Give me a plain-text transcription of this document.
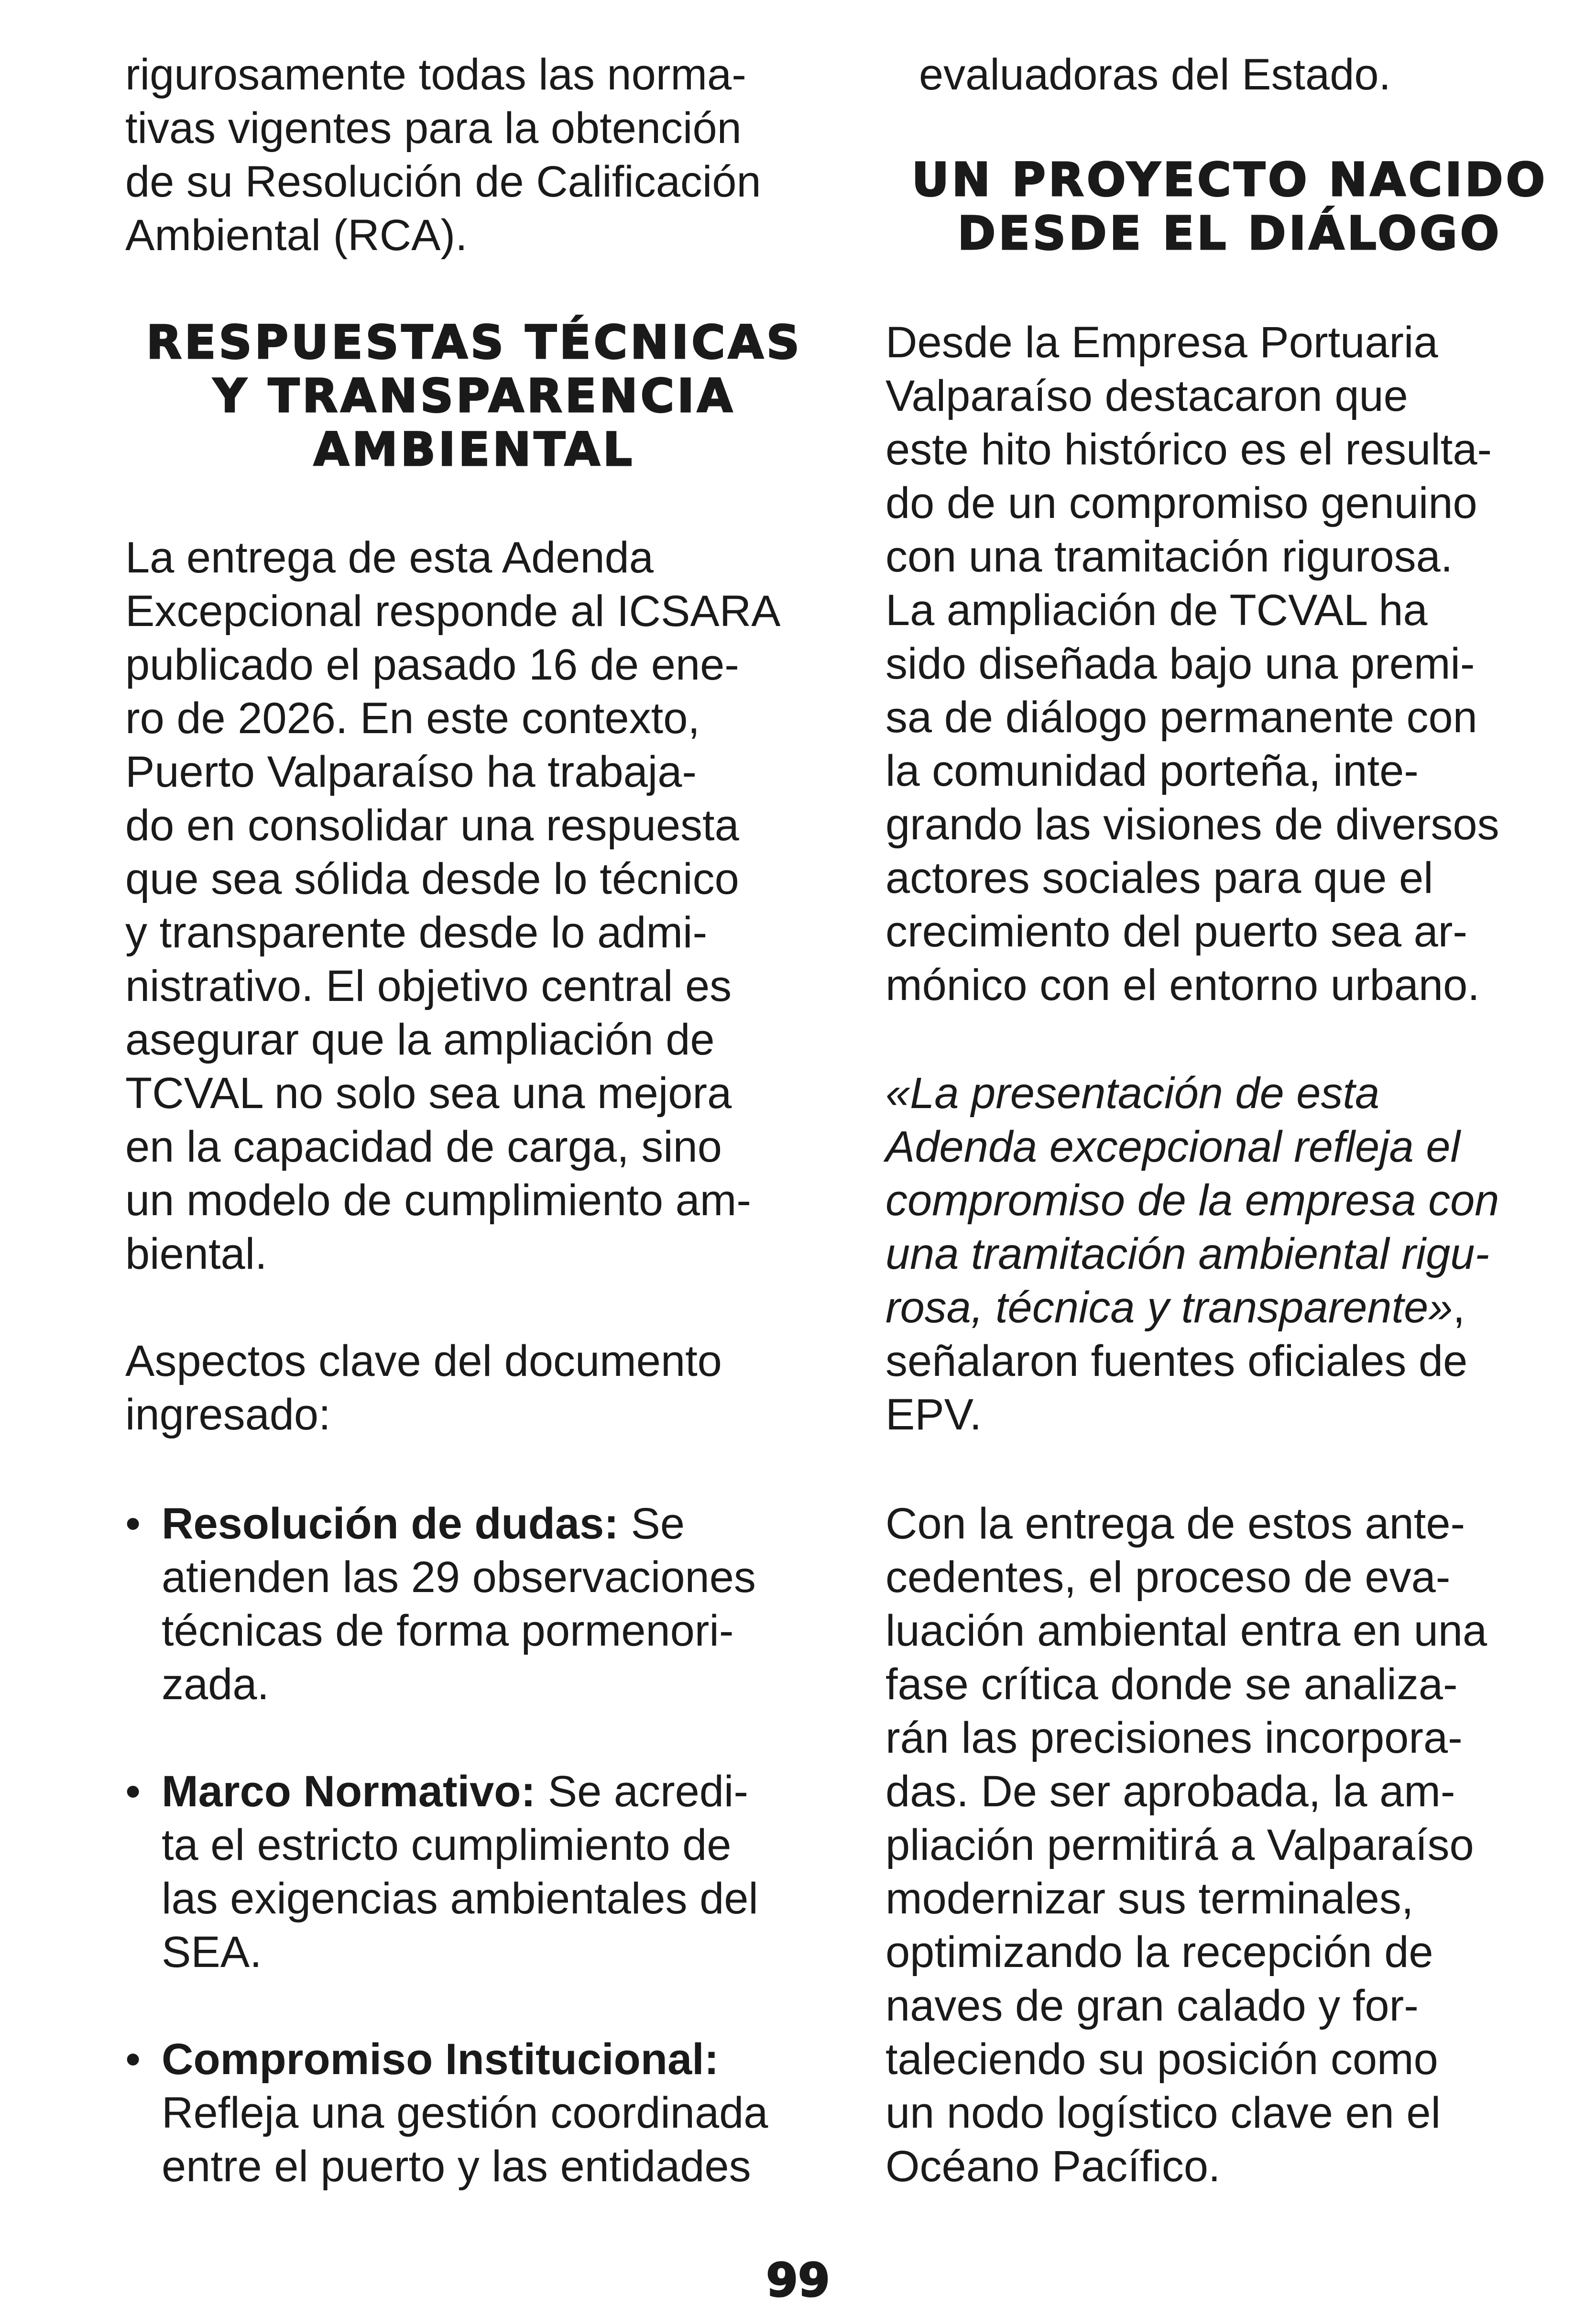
rigurosamente todas las norma-
tivas vigentes para la obtención
de su Resolución de Calificación
Ambiental (RCA).

RESPUESTAS TÉCNICAS
Y TRANSPARENCIA
AMBIENTAL

La entrega de esta Adenda
Excepcional responde al ICSARA
publicado el pasado 16 de ene-
ro de 2026. En este contexto,
Puerto Valparaíso ha trabaja-
do en consolidar una respuesta
que sea sólida desde lo técnico
y transparente desde lo admi-
nistrativo. El objetivo central es
asegurar que la ampliación de
TCVAL no solo sea una mejora
en la capacidad de carga, sino
un modelo de cumplimiento am-
biental.

Aspectos clave del documento
ingresado:

• Resolución de dudas: Se
atienden las 29 observaciones
técnicas de forma pormenori-
zada.

• Marco Normativo: Se acredi-
ta el estricto cumplimiento de
las exigencias ambientales del
SEA.

• Compromiso Institucional:
Refleja una gestión coordinada
entre el puerto y las entidades

evaluadoras del Estado.

UN PROYECTO NACIDO
DESDE EL DIÁLOGO

Desde la Empresa Portuaria
Valparaíso destacaron que
este hito histórico es el resulta-
do de un compromiso genuino
con una tramitación rigurosa.
La ampliación de TCVAL ha
sido diseñada bajo una premi-
sa de diálogo permanente con
la comunidad porteña, inte-
grando las visiones de diversos
actores sociales para que el
crecimiento del puerto sea ar-
mónico con el entorno urbano.

«La presentación de esta
Adenda excepcional refleja el
compromiso de la empresa con
una tramitación ambiental rigu-
rosa, técnica y transparente»,
señalaron fuentes oficiales de
EPV.

Con la entrega de estos ante-
cedentes, el proceso de eva-
luación ambiental entra en una
fase crítica donde se analiza-
rán las precisiones incorpora-
das. De ser aprobada, la am-
pliación permitirá a Valparaíso
modernizar sus terminales,
optimizando la recepción de
naves de gran calado y for-
taleciendo su posición como
un nodo logístico clave en el
Océano Pacífico.

99
